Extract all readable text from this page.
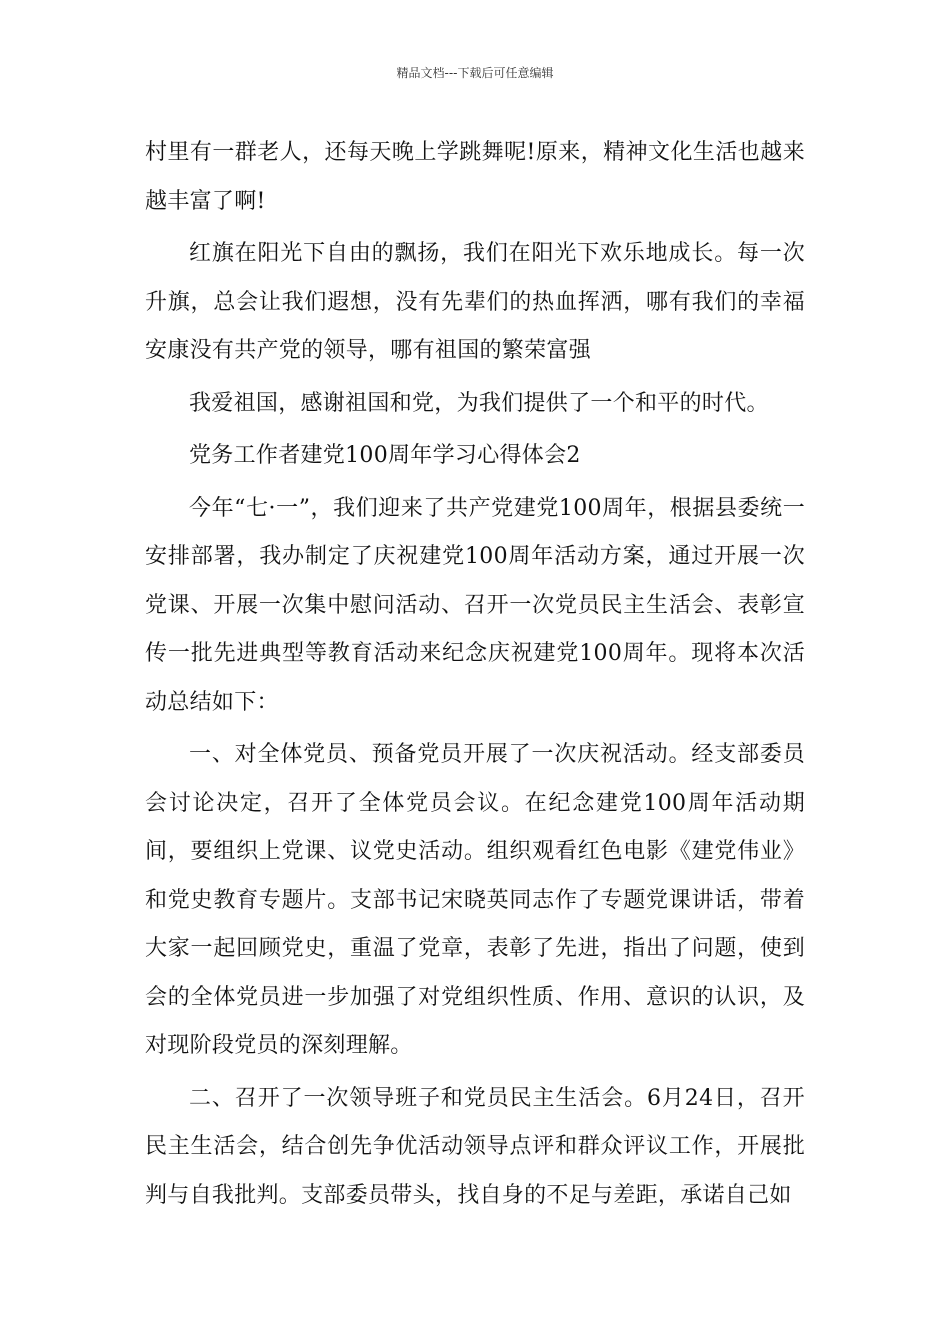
精品文档---下载后可任意编辑

村里有一群老人，还每天晚上学跳舞呢!原来，精神文化生活也越来越丰富了啊!

红旗在阳光下自由的飘扬，我们在阳光下欢乐地成长。每一次升旗，总会让我们遐想，没有先辈们的热血挥洒，哪有我们的幸福安康没有共产党的领导，哪有祖国的繁荣富强

我爱祖国，感谢祖国和党，为我们提供了一个和平的时代。

党务工作者建党100周年学习心得体会2

今年“七·一”，我们迎来了共产党建党100周年，根据县委统一安排部署，我办制定了庆祝建党100周年活动方案，通过开展一次党课、开展一次集中慰问活动、召开一次党员民主生活会、表彰宣传一批先进典型等教育活动来纪念庆祝建党100周年。现将本次活动总结如下：

一、对全体党员、预备党员开展了一次庆祝活动。经支部委员会讨论决定，召开了全体党员会议。在纪念建党100周年活动期间，要组织上党课、议党史活动。组织观看红色电影《建党伟业》和党史教育专题片。支部书记宋晓英同志作了专题党课讲话，带着大家一起回顾党史，重温了党章，表彰了先进，指出了问题，使到会的全体党员进一步加强了对党组织性质、作用、意识的认识，及对现阶段党员的深刻理解。

二、召开了一次领导班子和党员民主生活会。6月24日，召开民主生活会，结合创先争优活动领导点评和群众评议工作，开展批判与自我批判。支部委员带头，找自身的不足与差距，承诺自己如
